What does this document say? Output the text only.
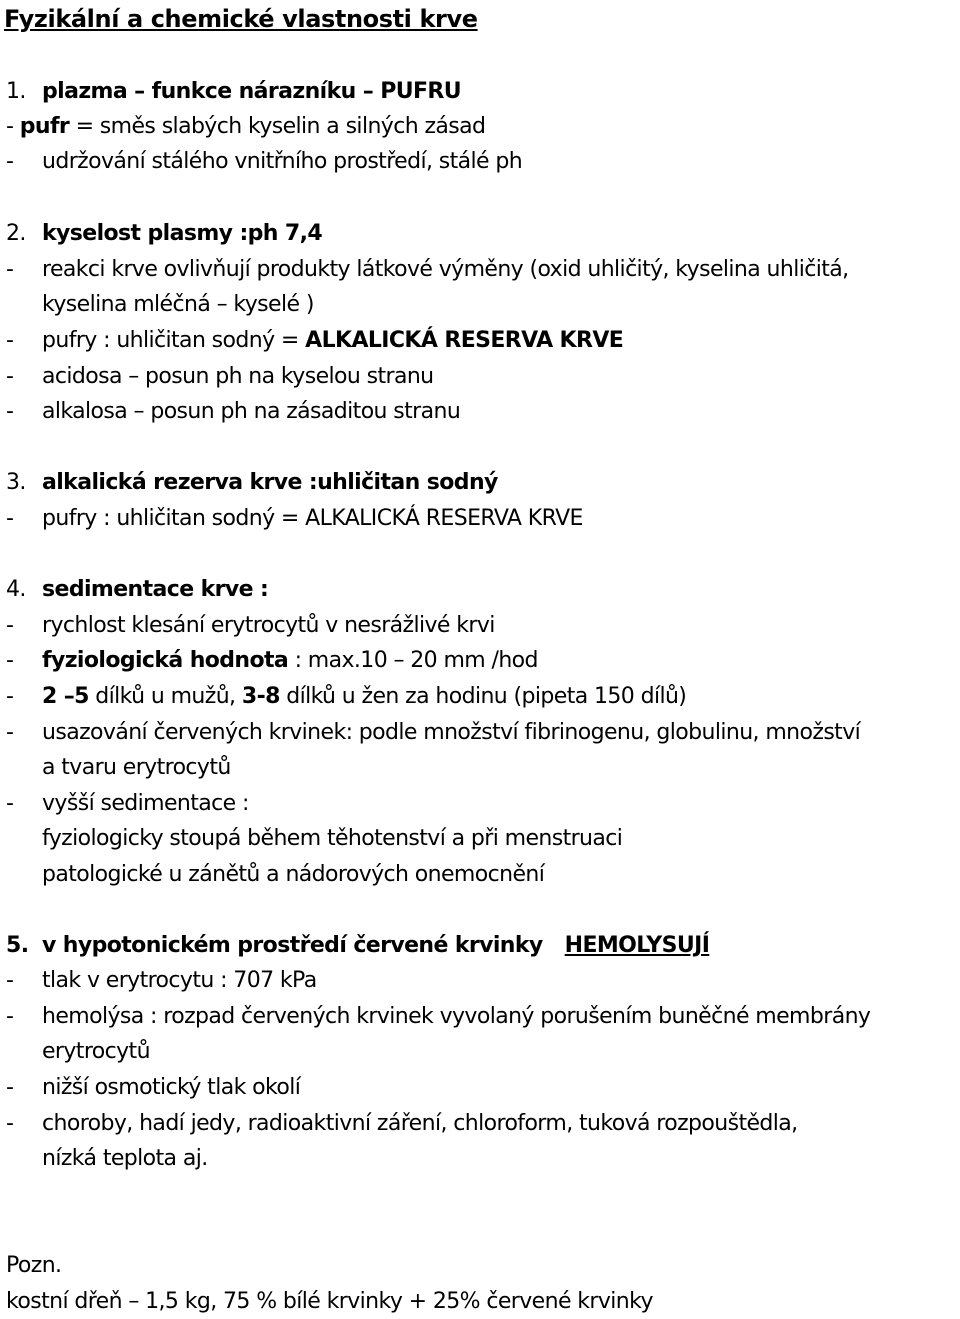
Fyzikální a chemické vlastnosti krve
1. plazma – funkce nárazníku – PUFRU
- pufr = směs slabých kyselin a silných zásad
- udržování stálého vnitřního prostředí, stálé ph
2. kyselost plasmy :ph 7,4
- reakci krve ovlivňují produkty látkové výměny (oxid uhličitý, kyselina uhličitá,
kyselina mléčná – kyselé )
- pufry : uhličitan sodný = ALKALICKÁ RESERVA KRVE
- acidosa – posun ph na kyselou stranu
- alkalosa – posun ph na zásaditou stranu
3. alkalická rezerva krve :uhličitan sodný
- pufry : uhličitan sodný = ALKALICKÁ RESERVA KRVE
4. sedimentace krve :
- rychlost klesání erytrocytů v nesrážlivé krvi
- fyziologická hodnota : max.10 – 20 mm /hod
- 2 –5 dílků u mužů, 3-8 dílků u žen za hodinu (pipeta 150 dílů)
- usazování červených krvinek: podle množství fibrinogenu, globulinu, množství
a tvaru erytrocytů
- vyšší sedimentace :
fyziologicky stoupá během těhotenství a při menstruaci
patologické u zánětů a nádorových onemocnění
5. v hypotonickém prostředí červené krvinky HEMOLYSUJÍ
- tlak v erytrocytu : 707 kPa
- hemolýsa : rozpad červených krvinek vyvolaný porušením buněčné membrány
erytrocytů
- nižší osmotický tlak okolí
- choroby, hadí jedy, radioaktivní záření, chloroform, tuková rozpouštědla,
nízká teplota aj.
Pozn.
kostní dřeň – 1,5 kg, 75 % bílé krvinky + 25% červené krvinky
